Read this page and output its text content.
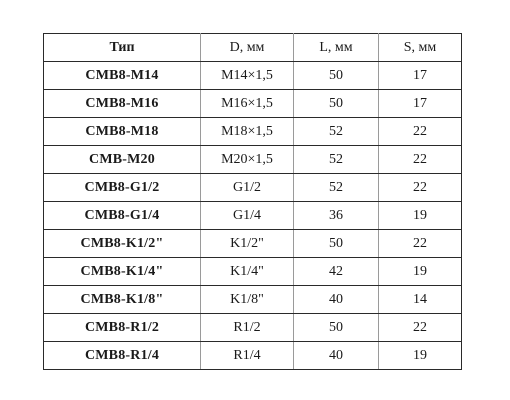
Тип	D, мм	L, мм	S, мм
CMB8-M14	M14×1,5	50	17
CMB8-M16	M16×1,5	50	17
CMB8-M18	M18×1,5	52	22
CMB-M20	M20×1,5	52	22
CMB8-G1/2	G1/2	52	22
CMB8-G1/4	G1/4	36	19
CMB8-K1/2"	K1/2"	50	22
CMB8-K1/4"	K1/4"	42	19
CMB8-K1/8"	K1/8"	40	14
CMB8-R1/2	R1/2	50	22
CMB8-R1/4	R1/4	40	19
